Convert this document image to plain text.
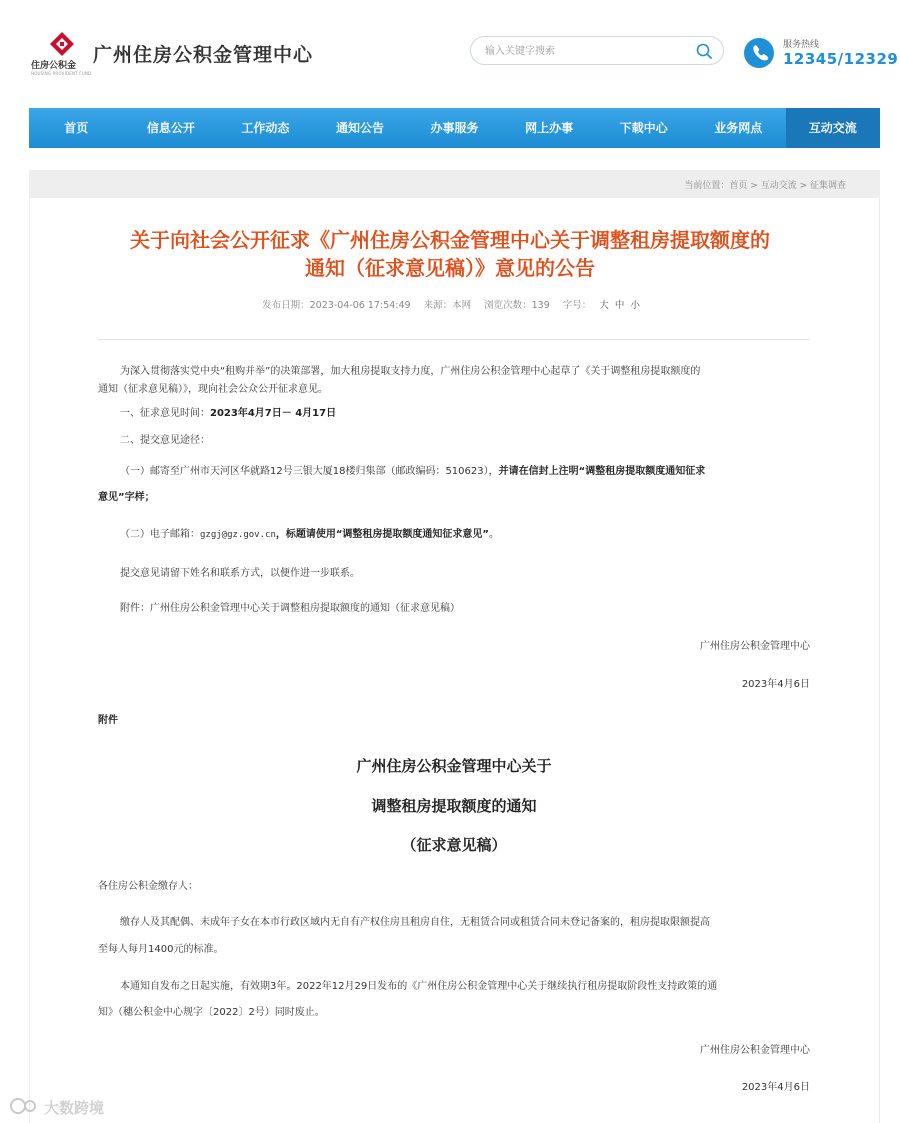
住房公积金
HOUSING PROVIDENT FUND
广州住房公积金管理中心
输入关键字搜索	服务热线
12345/12329
首页	信息公开	工作动态	通知公告	办事服务	网上办事	下载中心	业务网点	互动交流
当前位置：首页 > 互动交流 > 征集调查
关于向社会公开征求《广州住房公积金管理中心关于调整租房提取额度的
通知（征求意见稿）》意见的公告
发布日期：2023-04-06 17:54:49 来源：本网 浏览次数：139 字号： 大 中 小
为深入贯彻落实党中央“租购并举”的决策部署，加大租房提取支持力度，广州住房公积金管理中心起草了《关于调整租房提取额度的
通知（征求意见稿）》，现向社会公众公开征求意见。
一、征求意见时间：2023年4月7日－ 4月17日
二、提交意见途径：
（一）邮寄至广州市天河区华就路12号三银大厦18楼归集部（邮政编码：510623），并请在信封上注明“调整租房提取额度通知征求
意见”字样；
（二）电子邮箱：gzgj@gz.gov.cn，标题请使用“调整租房提取额度通知征求意见”。
提交意见请留下姓名和联系方式，以便作进一步联系。
附件：广州住房公积金管理中心关于调整租房提取额度的通知（征求意见稿）
广州住房公积金管理中心
2023年4月6日
附件
广州住房公积金管理中心关于
调整租房提取额度的通知
（征求意见稿）
各住房公积金缴存人：
缴存人及其配偶、未成年子女在本市行政区域内无自有产权住房且租房自住，无租赁合同或租赁合同未登记备案的，租房提取限额提高
至每人每月1400元的标准。
本通知自发布之日起实施，有效期3年。2022年12月29日发布的《广州住房公积金管理中心关于继续执行租房提取阶段性支持政策的通
知》（穗公积金中心规字〔2022〕2号）同时废止。
广州住房公积金管理中心
2023年4月6日
大数跨境
